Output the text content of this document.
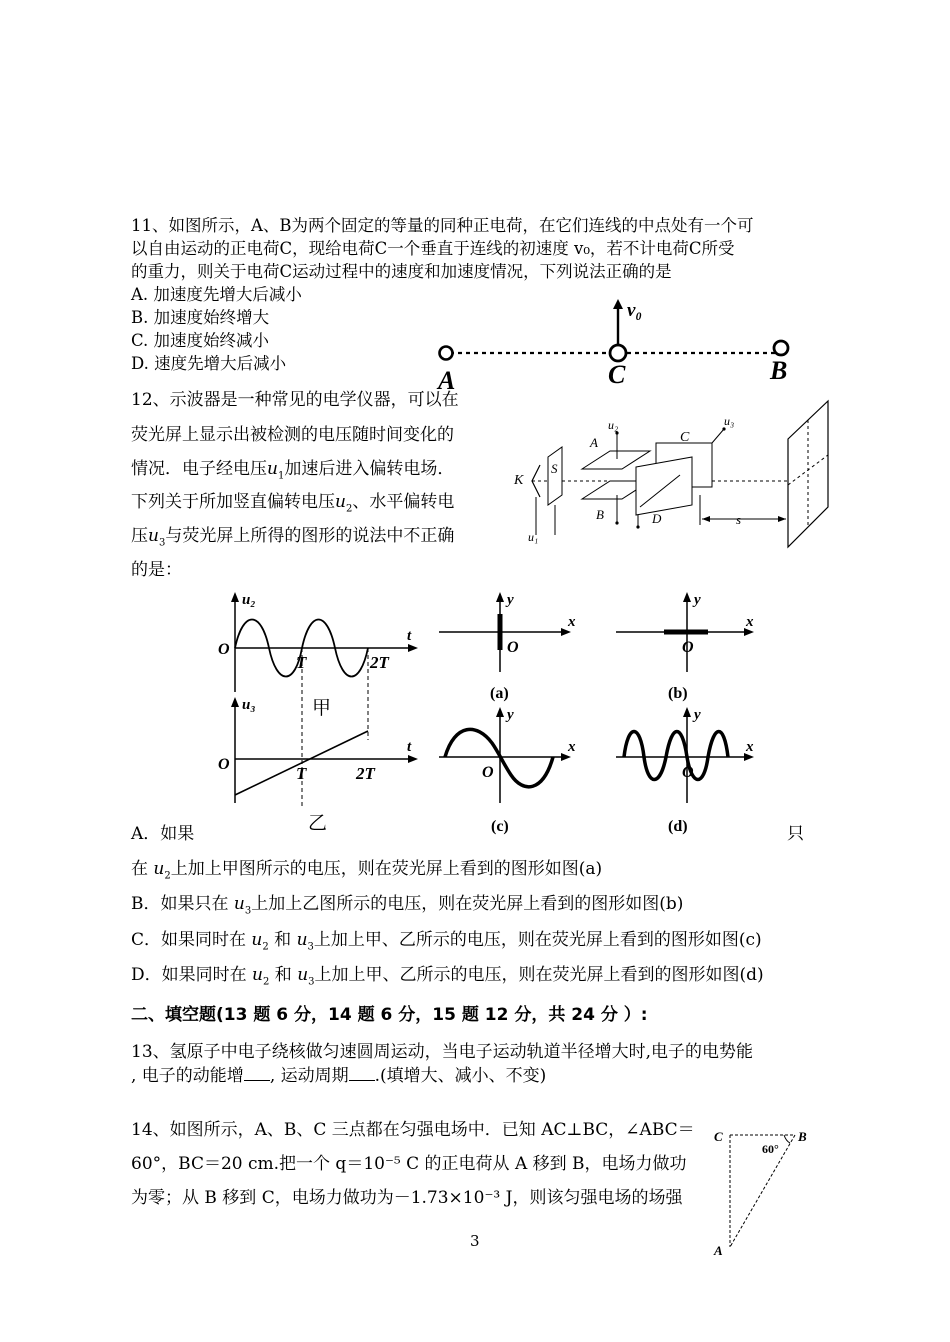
11、如图所示，A、B为两个固定的等量的同种正电荷，在它们连线的中点处有一个可
以自由运动的正电荷C，现给电荷C一个垂直于连线的初速度 v₀，若不计电荷C所受
的重力，则关于电荷C运动过程中的速度和加速度情况，下列说法正确的是
A. 加速度先增大后减小
B. 加速度始终增大
C. 加速度始终减小
D. 速度先增大后减小
v₀
A	C	B
12、示波器是一种常见的电学仪器，可以在
荧光屏上显示出被检测的电压随时间变化的
情况．电子经电压$u_1$加速后进入偏转电场．
下列关于所加竖直偏转电压$u_2$、水平偏转电
压$u_3$与荧光屏上所得的图形的说法中不正确
的是：
K
S
u₁
A
u₂
B
C
u₃
D	s
u₂
O
t
T	2T
甲
u₃
O
t
T	2T
乙
y
x
O
(a)
y
x
O
(b)
y
x
O
(c)
y
x
O
(d)
A．如果	只
在 $u_2$上加上甲图所示的电压，则在荧光屏上看到的图形如图(a)
B．如果只在 $u_3$上加上乙图所示的电压，则在荧光屏上看到的图形如图(b)
C．如果同时在 $u_2$ 和 $u_3$上加上甲、乙所示的电压，则在荧光屏上看到的图形如图(c)
D．如果同时在 $u_2$ 和 $u_3$上加上甲、乙所示的电压，则在荧光屏上看到的图形如图(d)
二、填空题(13 题 6 分，14 题 6 分，15 题 12 分，共 24 分 ）:
13、氢原子中电子绕核做匀速圆周运动，当电子运动轨道半径增大时,电子的电势能
, 电子的动能增 , 运动周期 .(填增大、减小、不变)
14、如图所示，A、B、C 三点都在匀强电场中．已知 AC⊥BC，∠ABC＝
60°，BC＝20 cm.把一个 q＝10⁻⁵ C 的正电荷从 A 移到 B，电场力做功
为零；从 B 移到 C，电场力做功为－1.73×10⁻³ J，则该匀强电场的场强
C	B
A
60°
3
